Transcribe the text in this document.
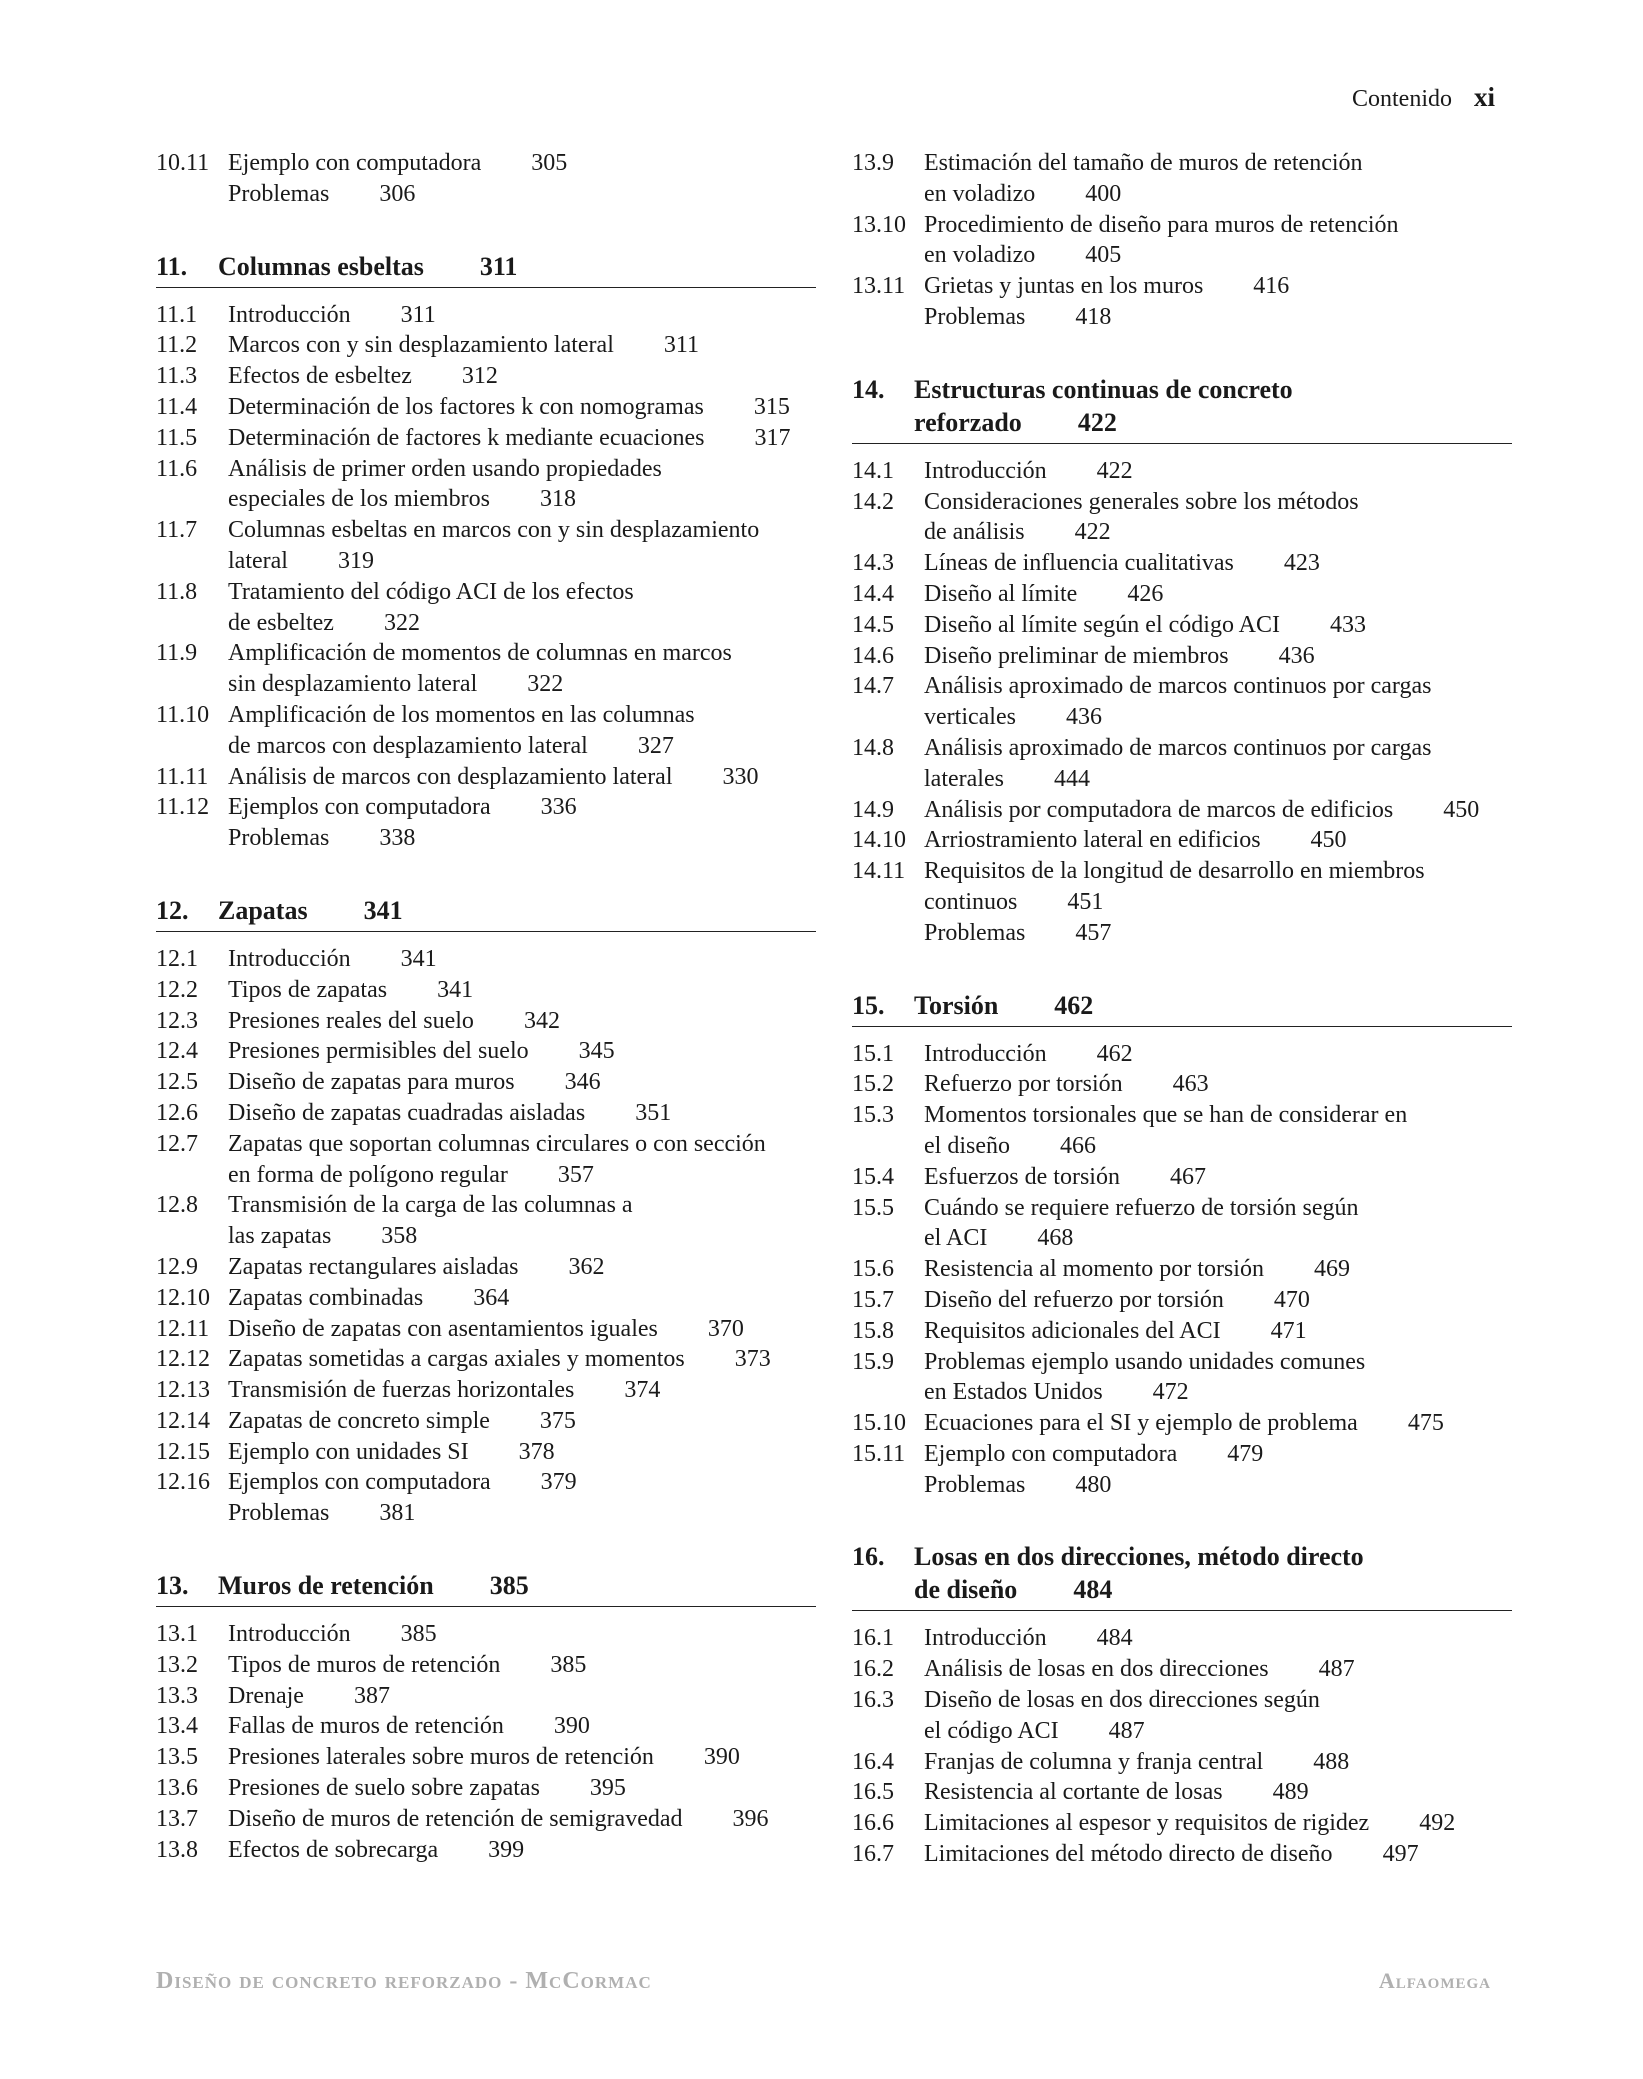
Contenido xi
10.11 Ejemplo con computadora 305
Problemas 306
11.	Columnas esbeltas 311
11.1	Introducción 311
11.2	Marcos con y sin desplazamiento lateral 311
11.3	Efectos de esbeltez 312
11.4	Determinación de los factores k con nomogramas 315
11.5	Determinación de factores k mediante ecuaciones 317
11.6	Análisis de primer orden usando propiedades
especiales de los miembros 318
11.7	Columnas esbeltas en marcos con y sin desplazamiento
lateral 319
11.8	Tratamiento del código ACI de los efectos
de esbeltez 322
11.9	Amplificación de momentos de columnas en marcos
sin desplazamiento lateral 322
11.10 Amplificación de los momentos en las columnas
de marcos con desplazamiento lateral 327
11.11 Análisis de marcos con desplazamiento lateral 330
11.12 Ejemplos con computadora 336
Problemas 338
12.	Zapatas 341
12.1	Introducción 341
12.2	Tipos de zapatas 341
12.3	Presiones reales del suelo 342
12.4	Presiones permisibles del suelo 345
12.5	Diseño de zapatas para muros 346
12.6	Diseño de zapatas cuadradas aisladas 351
12.7	Zapatas que soportan columnas circulares o con sección
en forma de polígono regular 357
12.8	Transmisión de la carga de las columnas a
las zapatas 358
12.9	Zapatas rectangulares aisladas 362
12.10 Zapatas combinadas 364
12.11 Diseño de zapatas con asentamientos iguales 370
12.12 Zapatas sometidas a cargas axiales y momentos 373
12.13 Transmisión de fuerzas horizontales 374
12.14 Zapatas de concreto simple 375
12.15 Ejemplo con unidades SI 378
12.16 Ejemplos con computadora 379
Problemas 381
13.	Muros de retención 385
13.1	Introducción 385
13.2	Tipos de muros de retención 385
13.3	Drenaje 387
13.4	Fallas de muros de retención 390
13.5	Presiones laterales sobre muros de retención 390
13.6	Presiones de suelo sobre zapatas 395
13.7	Diseño de muros de retención de semigravedad 396
13.8	Efectos de sobrecarga 399
13.9	Estimación del tamaño de muros de retención
en voladizo 400
13.10 Procedimiento de diseño para muros de retención
en voladizo 405
13.11 Grietas y juntas en los muros 416
Problemas 418
14.	Estructuras continuas de concreto
reforzado 422
14.1	Introducción 422
14.2	Consideraciones generales sobre los métodos
de análisis 422
14.3	Líneas de influencia cualitativas 423
14.4	Diseño al límite 426
14.5	Diseño al límite según el código ACI 433
14.6	Diseño preliminar de miembros 436
14.7	Análisis aproximado de marcos continuos por cargas
verticales 436
14.8	Análisis aproximado de marcos continuos por cargas
laterales 444
14.9	Análisis por computadora de marcos de edificios 450
14.10 Arriostramiento lateral en edificios 450
14.11 Requisitos de la longitud de desarrollo en miembros
continuos 451
Problemas 457
15.	Torsión 462
15.1	Introducción 462
15.2	Refuerzo por torsión 463
15.3	Momentos torsionales que se han de considerar en
el diseño 466
15.4	Esfuerzos de torsión 467
15.5	Cuándo se requiere refuerzo de torsión según
el ACI 468
15.6	Resistencia al momento por torsión 469
15.7	Diseño del refuerzo por torsión 470
15.8	Requisitos adicionales del ACI 471
15.9	Problemas ejemplo usando unidades comunes
en Estados Unidos 472
15.10 Ecuaciones para el SI y ejemplo de problema 475
15.11 Ejemplo con computadora 479
Problemas 480
16.	Losas en dos direcciones, método directo
de diseño 484
16.1	Introducción 484
16.2	Análisis de losas en dos direcciones 487
16.3	Diseño de losas en dos direcciones según
el código ACI 487
16.4	Franjas de columna y franja central 488
16.5	Resistencia al cortante de losas 489
16.6	Limitaciones al espesor y requisitos de rigidez 492
16.7	Limitaciones del método directo de diseño 497
Diseño de concreto reforzado - McCormac	Alfaomega
